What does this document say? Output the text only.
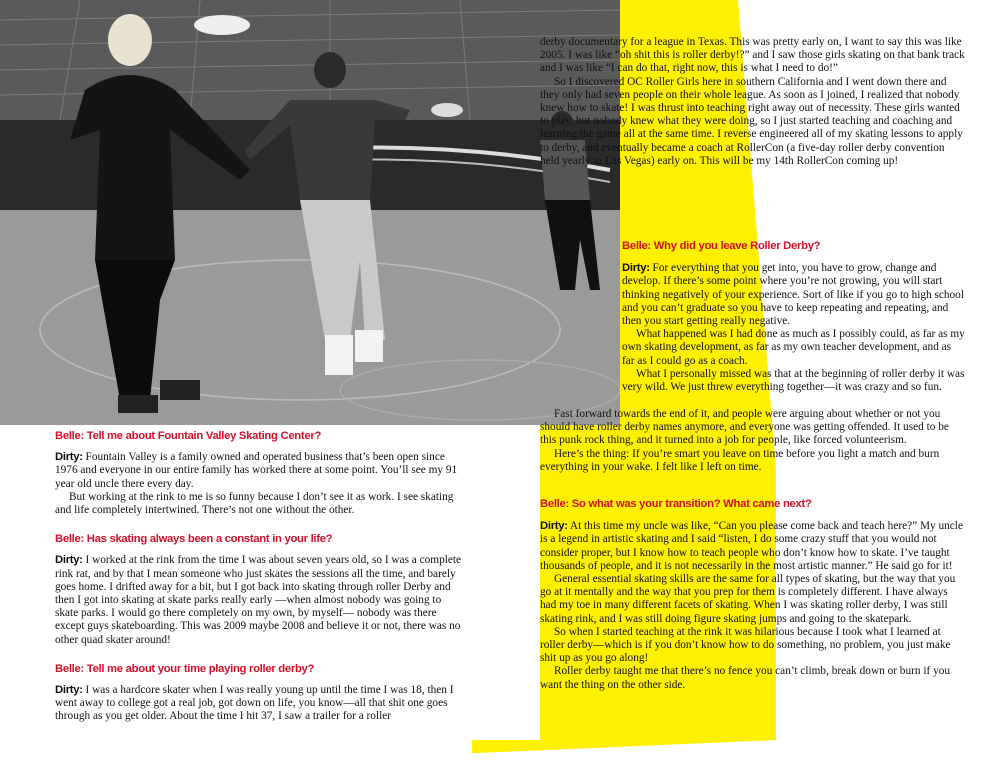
derby documentary for a league in Texas. This was pretty early on, I want to say this was like 2005. I was like “oh shit this is roller derby!?” and I saw those girls skating on that bank track and I was like “I can do that, right now, this is what I need to do!”

So I discovered OC Roller Girls here in southern California and I went down there and they only had seven people on their whole league. As soon as I joined, I realized that nobody knew how to skate! I was thrust into teaching right away out of necessity. These girls wanted to play, but nobody knew what they were doing, so I just started teaching and coaching and learning the game all at the same time. I reverse engineered all of my skating lessons to apply to derby, and eventually became a coach at RollerCon (a five-day roller derby convention held yearly in Las Vegas) early on. This will be my 14th RollerCon coming up!

Belle: Why did you leave Roller Derby?

Dirty: For everything that you get into, you have to grow, change and develop. If there’s some point where you’re not growing, you will start thinking negatively of your experience. Sort of like if you go to high school and you can’t graduate so you have to keep repeating and repeating, and then you start getting really negative.

What happened was I had done as much as I possibly could, as far as my own skating development, as far as my own teacher development, and as far as I could go as a coach.

What I personally missed was that at the beginning of roller derby it was very wild. We just threw everything together—it was crazy and so fun.

Fast forward towards the end of it, and people were arguing about whether or not you should have roller derby names anymore, and everyone was getting offended. It used to be this punk rock thing, and it turned into a job for people, like forced volunteerism.

Here’s the thing: If you’re smart you leave on time before you light a match and burn everything in your wake. I felt like I left on time.

Belle: So what was your transition? What came next?

Dirty: At this time my uncle was like, “Can you please come back and teach here?” My uncle is a legend in artistic skating and I said “listen, I do some crazy stuff that you would not consider proper, but I know how to teach people who don’t know how to skate. I’ve taught thousands of people, and it is not necessarily in the most artistic manner.” He said go for it!

General essential skating skills are the same for all types of skating, but the way that you go at it mentally and the way that you prep for them is completely different. I have always had my toe in many different facets of skating. When I was skating roller derby, I was still skating rink, and I was still doing figure skating jumps and going to the skatepark.

So when I started teaching at the rink it was hilarious because I took what I learned at roller derby—which is if you don’t know how to do something, no problem, you just make shit up as you go along!

Roller derby taught me that there’s no fence you can’t climb, break down or burn if you want the thing on the other side.

Belle: Tell me about Fountain Valley Skating Center?

Dirty: Fountain Valley is a family owned and operated business that’s been open since 1976 and everyone in our entire family has worked there at some point. You’ll see my 91 year old uncle there every day.

But working at the rink to me is so funny because I don’t see it as work. I see skating and life completely intertwined. There’s not one without the other.

Belle: Has skating always been a constant in your life?

Dirty: I worked at the rink from the time I was about seven years old, so I was a complete rink rat, and by that I mean someone who just skates the sessions all the time, and barely goes home. I drifted away for a bit, but I got back into skating through roller Derby and then I got into skating at skate parks really early —when almost nobody was going to skate parks. I would go there completely on my own, by myself— nobody was there except guys skateboarding. This was 2009 maybe 2008 and believe it or not, there was no other quad skater around!

Belle: Tell me about your time playing roller derby?

Dirty: I was a hardcore skater when I was really young up until the time I was 18, then I went away to college got a real job, got down on life, you know—all that shit one goes through as you get older. About the time I hit 37, I saw a trailer for a roller
